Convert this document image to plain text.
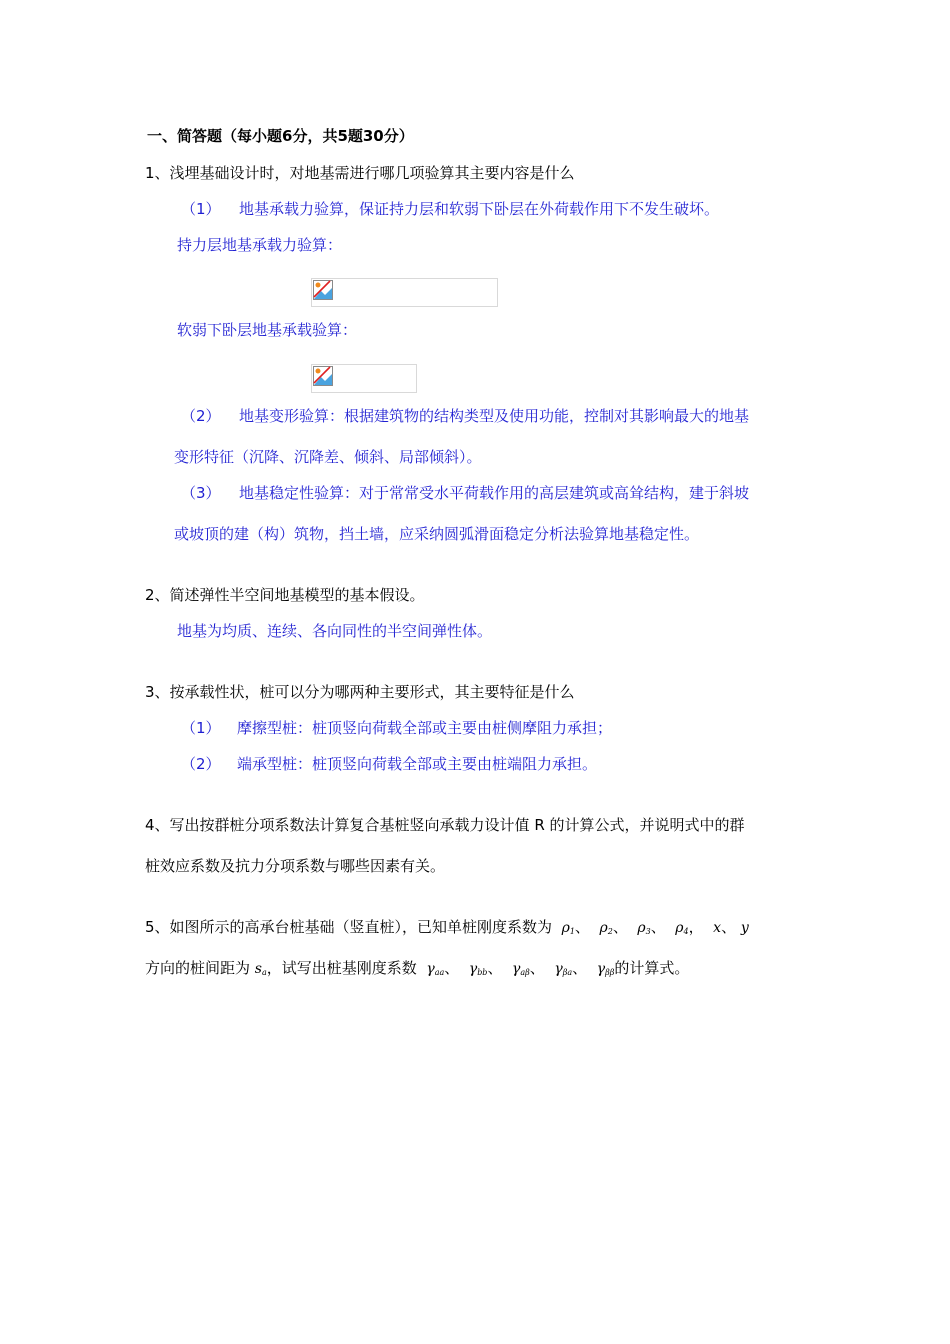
一、简答题（每小题6分，共5题30分）
1、浅埋基础设计时，对地基需进行哪几项验算其主要内容是什么
（1） 地基承载力验算，保证持力层和软弱下卧层在外荷载作用下不发生破坏。
持力层地基承载力验算：
软弱下卧层地基承载验算：
（2） 地基变形验算：根据建筑物的结构类型及使用功能，控制对其影响最大的地基
变形特征（沉降、沉降差、倾斜、局部倾斜）。
（3） 地基稳定性验算：对于常常受水平荷载作用的高层建筑或高耸结构，建于斜坡
或坡顶的建（构）筑物，挡土墙，应采纳圆弧滑面稳定分析法验算地基稳定性。
2、简述弹性半空间地基模型的基本假设。
地基为均质、连续、各向同性的半空间弹性体。
3、按承载性状，桩可以分为哪两种主要形式，其主要特征是什么
（1） 摩擦型桩：桩顶竖向荷载全部或主要由桩侧摩阻力承担；
（2） 端承型桩：桩顶竖向荷载全部或主要由桩端阻力承担。
4、写出按群桩分项系数法计算复合基桩竖向承载力设计值 R 的计算公式，并说明式中的群
桩效应系数及抗力分项系数与哪些因素有关。
5、如图所示的高承台桩基础（竖直桩），已知单桩刚度系数为 $\rho_1$、 $\rho_2$、 $\rho_3$、 $\rho_4$， x、 y
方向的桩间距为 $s_a$，试写出桩基刚度系数 $\gamma_{aa}$、 $\gamma_{bb}$、 $\gamma_{a\beta}$、 $\gamma_{\beta a}$、 $\gamma_{\beta\beta}$的计算式。
